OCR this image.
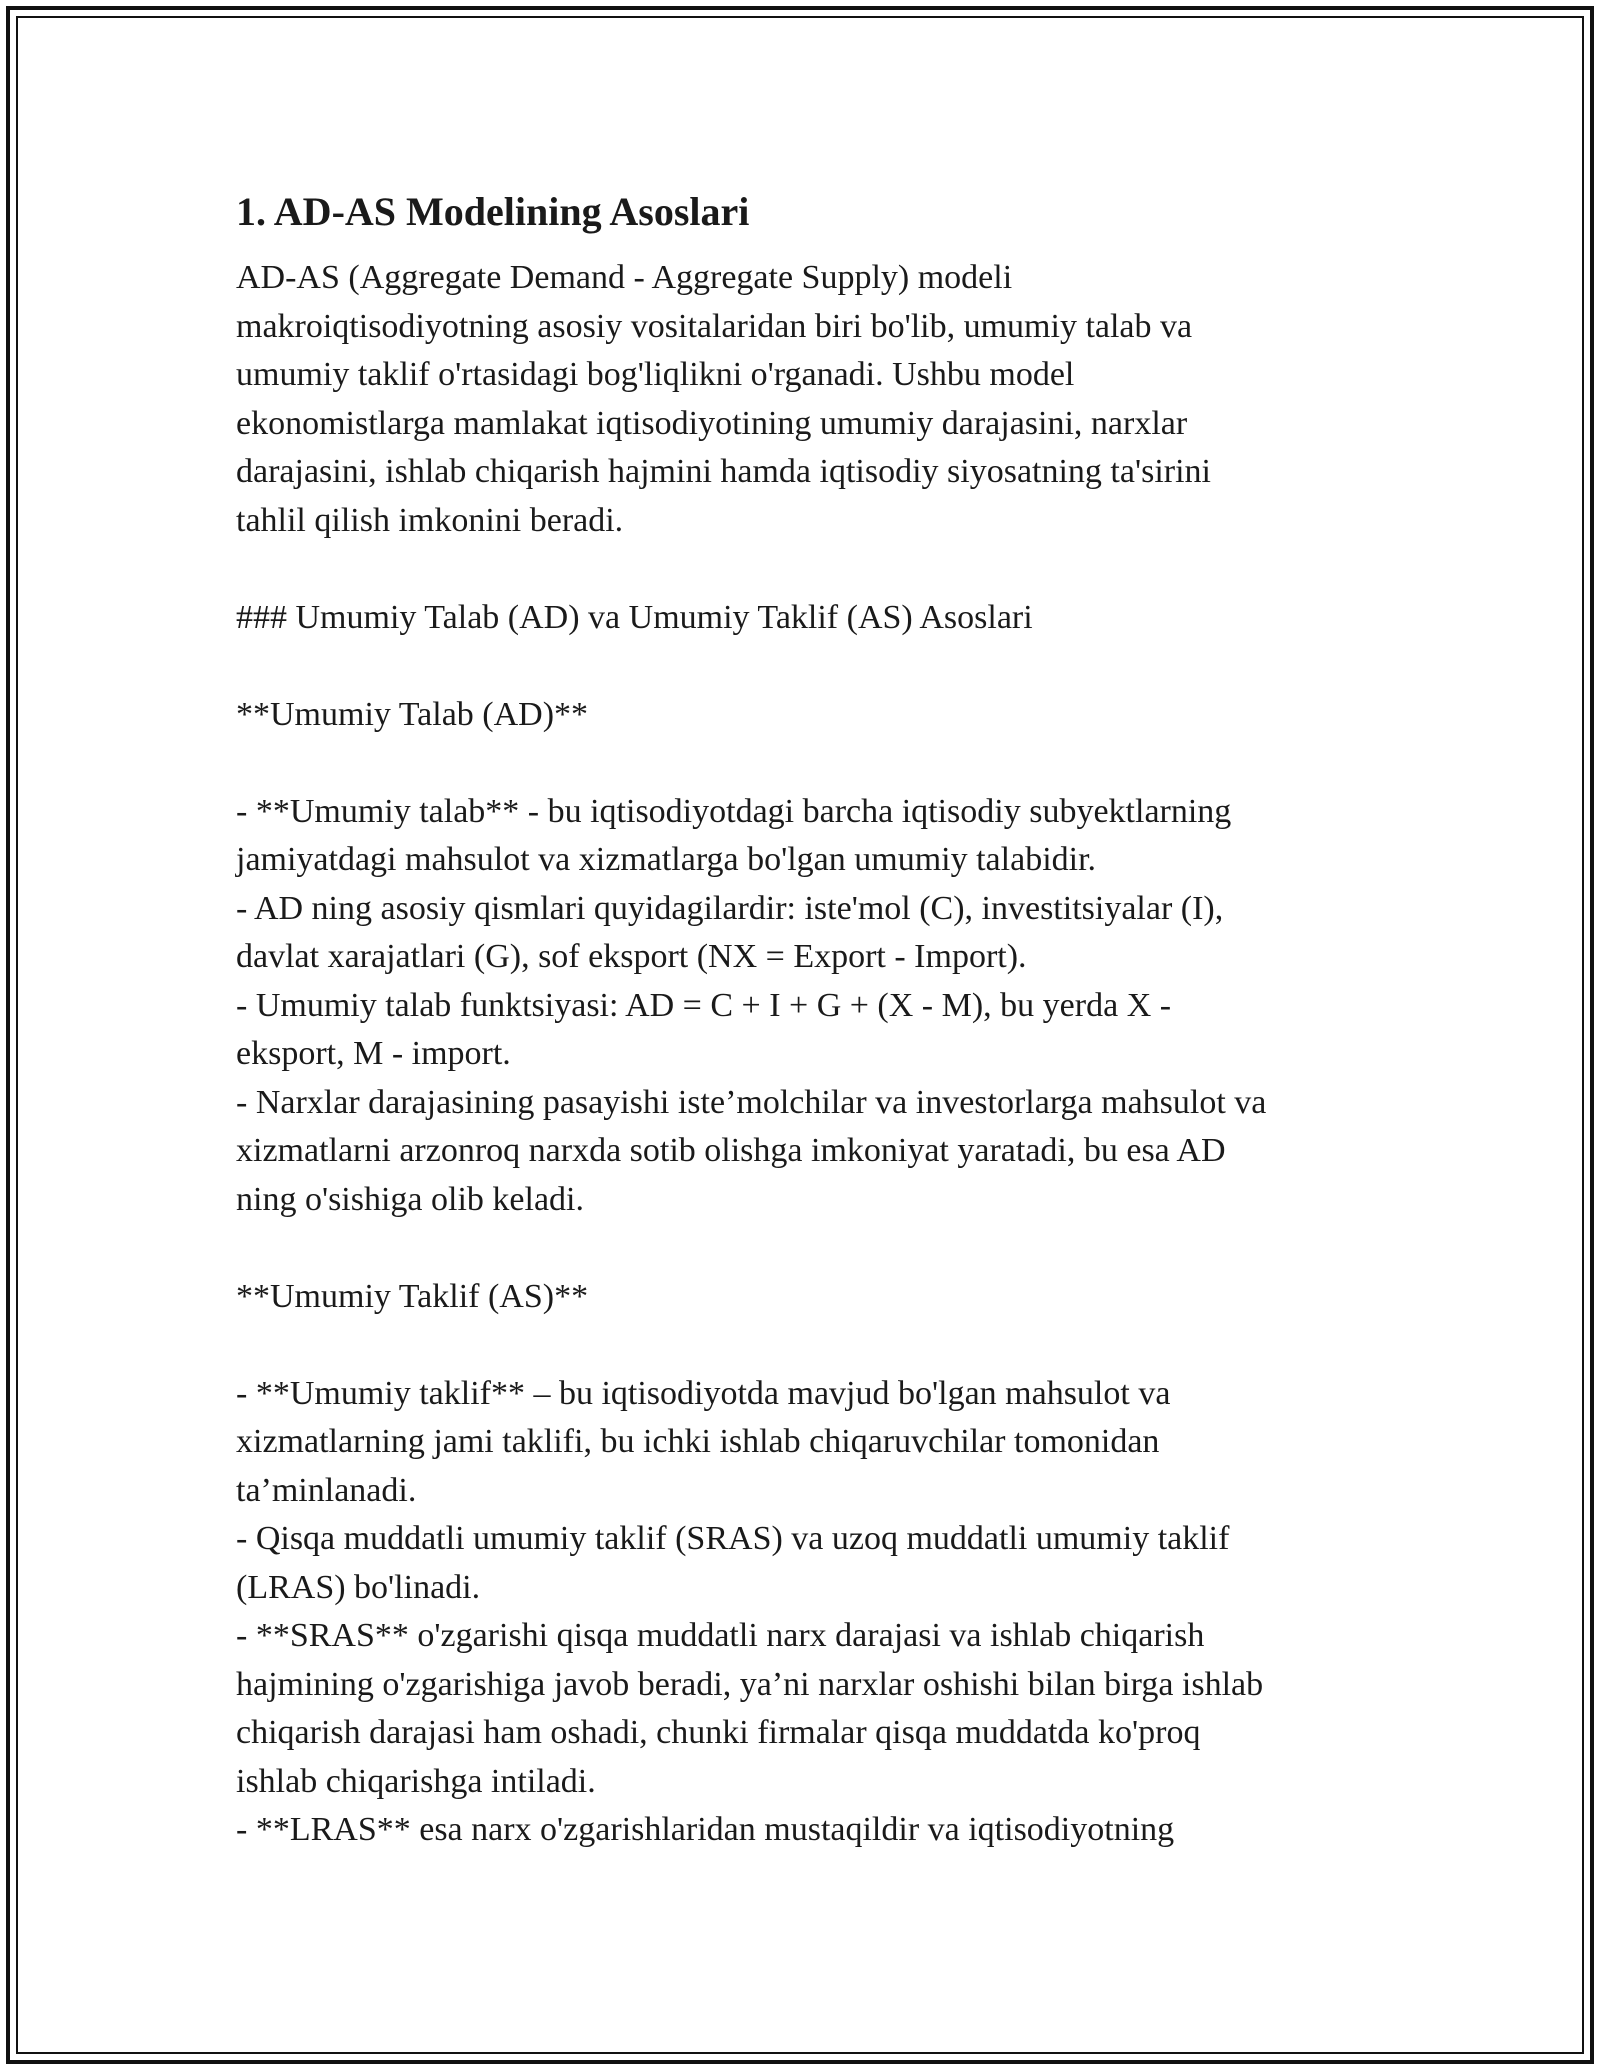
1. AD-AS Modelining Asoslari
AD-AS (Aggregate Demand - Aggregate Supply) modeli
makroiqtisodiyotning asosiy vositalaridan biri bo'lib, umumiy talab va
umumiy taklif o'rtasidagi bog'liqlikni o'rganadi. Ushbu model
ekonomistlarga mamlakat iqtisodiyotining umumiy darajasini, narxlar
darajasini, ishlab chiqarish hajmini hamda iqtisodiy siyosatning ta'sirini
tahlil qilish imkonini beradi.
### Umumiy Talab (AD) va Umumiy Taklif (AS) Asoslari
**Umumiy Talab (AD)**
- **Umumiy talab** - bu iqtisodiyotdagi barcha iqtisodiy subyektlarning
jamiyatdagi mahsulot va xizmatlarga bo'lgan umumiy talabidir.
- AD ning asosiy qismlari quyidagilardir: iste'mol (C), investitsiyalar (I),
davlat xarajatlari (G), sof eksport (NX = Export - Import).
- Umumiy talab funktsiyasi: AD = C + I + G + (X - M), bu yerda X -
eksport, M - import.
- Narxlar darajasining pasayishi iste’molchilar va investorlarga mahsulot va
xizmatlarni arzonroq narxda sotib olishga imkoniyat yaratadi, bu esa AD
ning o'sishiga olib keladi.
**Umumiy Taklif (AS)**
- **Umumiy taklif** – bu iqtisodiyotda mavjud bo'lgan mahsulot va
xizmatlarning jami taklifi, bu ichki ishlab chiqaruvchilar tomonidan
ta’minlanadi.
- Qisqa muddatli umumiy taklif (SRAS) va uzoq muddatli umumiy taklif
(LRAS) bo'linadi.
- **SRAS** o'zgarishi qisqa muddatli narx darajasi va ishlab chiqarish
hajmining o'zgarishiga javob beradi, ya’ni narxlar oshishi bilan birga ishlab
chiqarish darajasi ham oshadi, chunki firmalar qisqa muddatda ko'proq
ishlab chiqarishga intiladi.
- **LRAS** esa narx o'zgarishlaridan mustaqildir va iqtisodiyotning
